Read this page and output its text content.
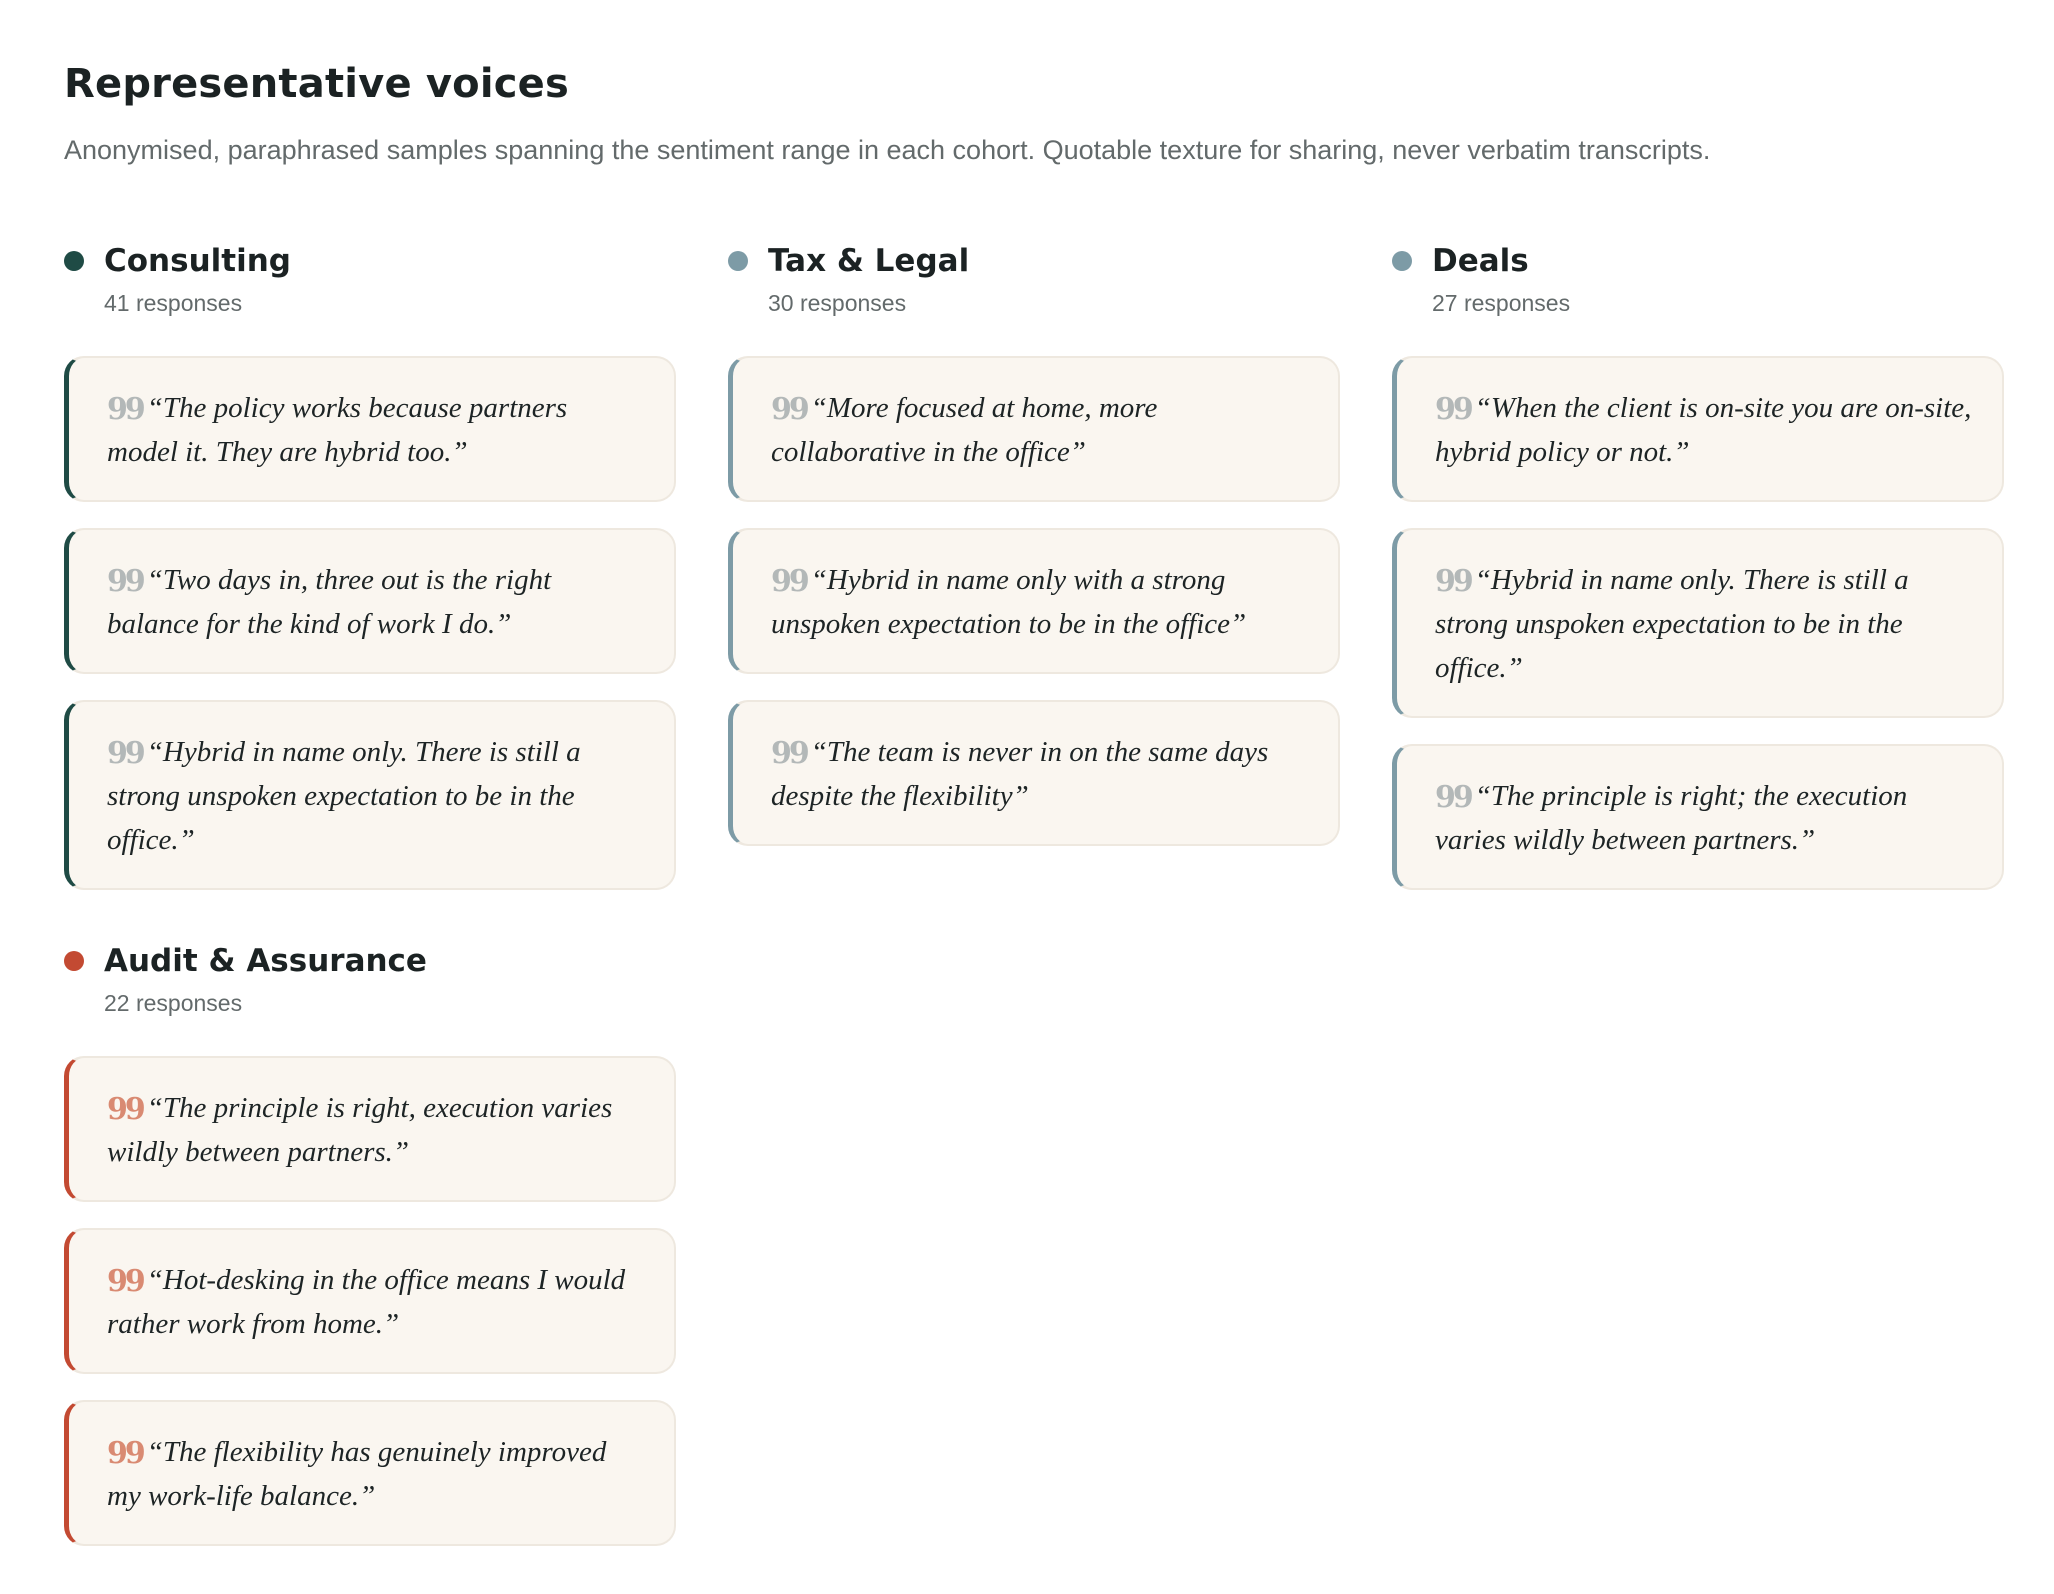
Representative voices

Anonymised, paraphrased samples spanning the sentiment range in each cohort. Quotable texture for sharing, never verbatim transcripts.

Consulting
41 responses

99 “The policy works because partners model it. They are hybrid too.”

99 “Two days in, three out is the right balance for the kind of work I do.”

99 “Hybrid in name only. There is still a strong unspoken expectation to be in the office.”

Tax & Legal
30 responses

99 “More focused at home, more collaborative in the office”

99 “Hybrid in name only with a strong unspoken expectation to be in the office”

99 “The team is never in on the same days despite the flexibility”

Deals
27 responses

99 “When the client is on-site you are on-site, hybrid policy or not.”

99 “Hybrid in name only. There is still a strong unspoken expectation to be in the office.”

99 “The principle is right; the execution varies wildly between partners.”

Audit & Assurance
22 responses

99 “The principle is right, execution varies wildly between partners.”

99 “Hot-desking in the office means I would rather work from home.”

99 “The flexibility has genuinely improved my work-life balance.”
